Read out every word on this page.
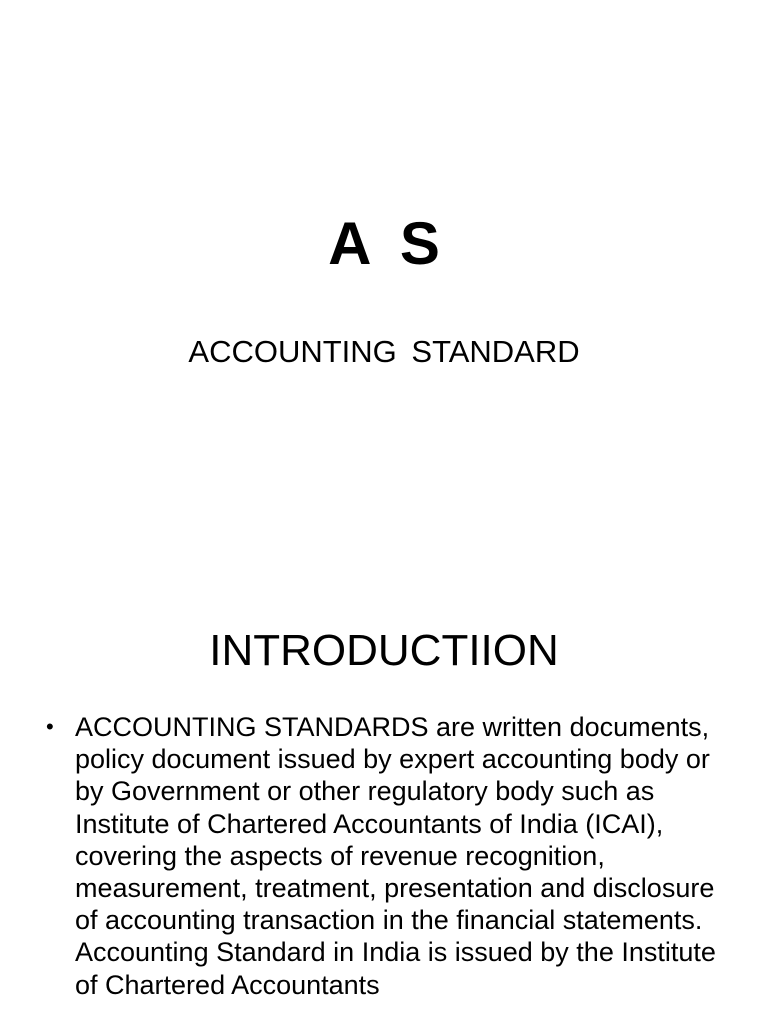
A S

ACCOUNTING STANDARD

INTRODUCTIION
• ACCOUNTING STANDARDS are written documents, policy document issued by expert accounting body or by Government or other regulatory body such as Institute of Chartered Accountants of India (ICAI), covering the aspects of revenue recognition, measurement, treatment, presentation and disclosure of accounting transaction in the financial statements. Accounting Standard in India is issued by the Institute of Chartered Accountants
